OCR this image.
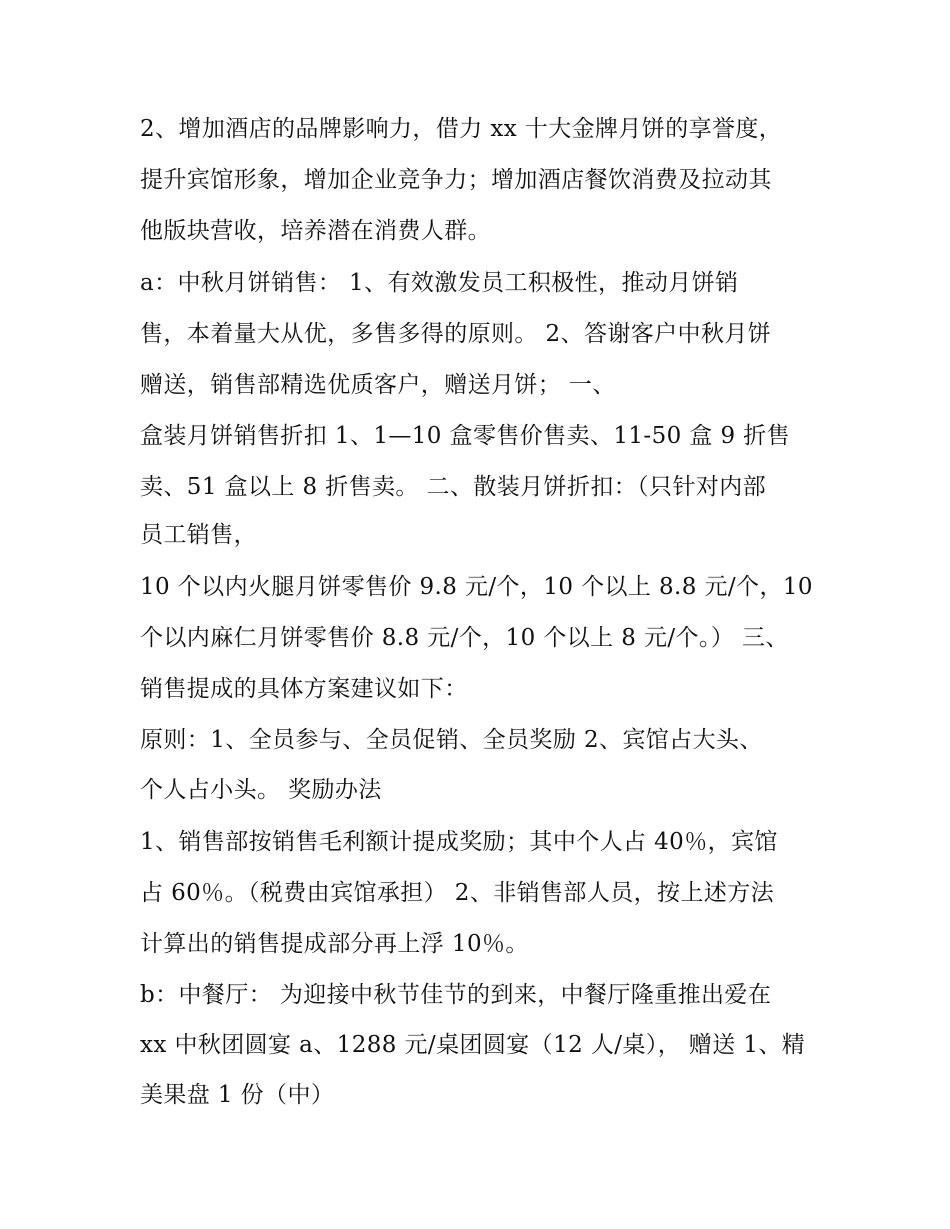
2、增加酒店的品牌影响力，借力 xx 十大金牌月饼的享誉度，
提升宾馆形象，增加企业竞争力；增加酒店餐饮消费及拉动其
他版块营收，培养潜在消费人群。
a：中秋月饼销售： 1、有效激发员工积极性，推动月饼销
售，本着量大从优，多售多得的原则。 2、答谢客户中秋月饼
赠送，销售部精选优质客户，赠送月饼； 一、
盒装月饼销售折扣 1、1—10 盒零售价售卖、11-50 盒 9 折售
卖、51 盒以上 8 折售卖。 二、散装月饼折扣：（只针对内部
员工销售，
10 个以内火腿月饼零售价 9.8 元/个，10 个以上 8.8 元/个，10
个以内麻仁月饼零售价 8.8 元/个，10 个以上 8 元/个。） 三、
销售提成的具体方案建议如下：
原则：1、全员参与、全员促销、全员奖励 2、宾馆占大头、
个人占小头。 奖励办法
1、销售部按销售毛利额计提成奖励；其中个人占 40％，宾馆
占 60％。（税费由宾馆承担） 2、非销售部人员，按上述方法
计算出的销售提成部分再上浮 10％。
b：中餐厅： 为迎接中秋节佳节的到来，中餐厅隆重推出爱在
xx 中秋团圆宴 a、1288 元/桌团圆宴（12 人/桌）， 赠送 1、精
美果盘 1 份（中）
